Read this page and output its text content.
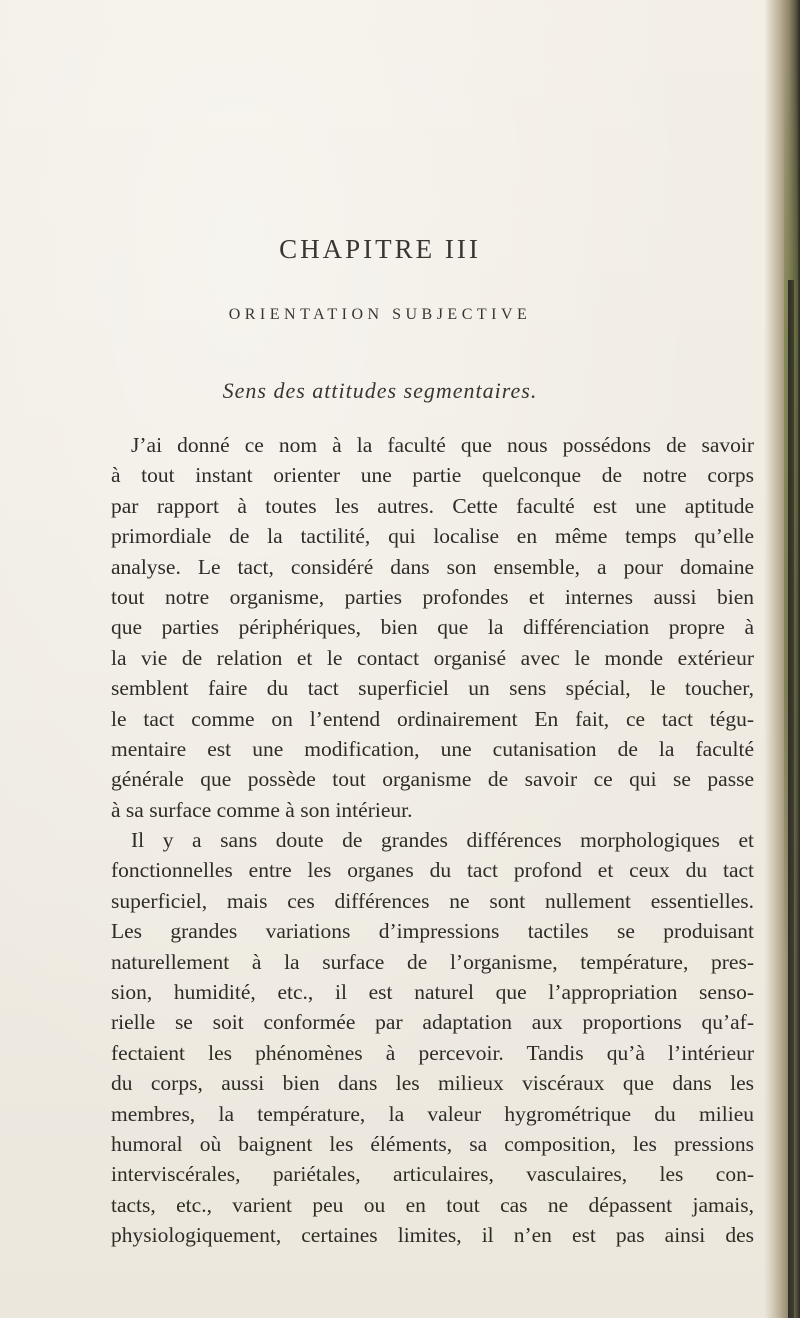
CHAPITRE III
ORIENTATION SUBJECTIVE
Sens des attitudes segmentaires.
J’ai donné ce nom à la faculté que nous possédons de savoir
à tout instant orienter une partie quelconque de notre corps
par rapport à toutes les autres. Cette faculté est une aptitude
primordiale de la tactilité, qui localise en même temps qu’elle
analyse. Le tact, considéré dans son ensemble, a pour domaine
tout notre organisme, parties profondes et internes aussi bien
que parties périphériques, bien que la différenciation propre à
la vie de relation et le contact organisé avec le monde extérieur
semblent faire du tact superficiel un sens spécial, le toucher,
le tact comme on l’entend ordinairement En fait, ce tact tégu-
mentaire est une modification, une cutanisation de la faculté
générale que possède tout organisme de savoir ce qui se passe
à sa surface comme à son intérieur.
Il y a sans doute de grandes différences morphologiques et
fonctionnelles entre les organes du tact profond et ceux du tact
superficiel, mais ces différences ne sont nullement essentielles.
Les grandes variations d’impressions tactiles se produisant
naturellement à la surface de l’organisme, température, pres-
sion, humidité, etc., il est naturel que l’appropriation senso-
rielle se soit conformée par adaptation aux proportions qu’af-
fectaient les phénomènes à percevoir. Tandis qu’à l’intérieur
du corps, aussi bien dans les milieux viscéraux que dans les
membres, la température, la valeur hygrométrique du milieu
humoral où baignent les éléments, sa composition, les pressions
interviscérales, pariétales, articulaires, vasculaires, les con-
tacts, etc., varient peu ou en tout cas ne dépassent jamais,
physiologiquement, certaines limites, il n’en est pas ainsi des
